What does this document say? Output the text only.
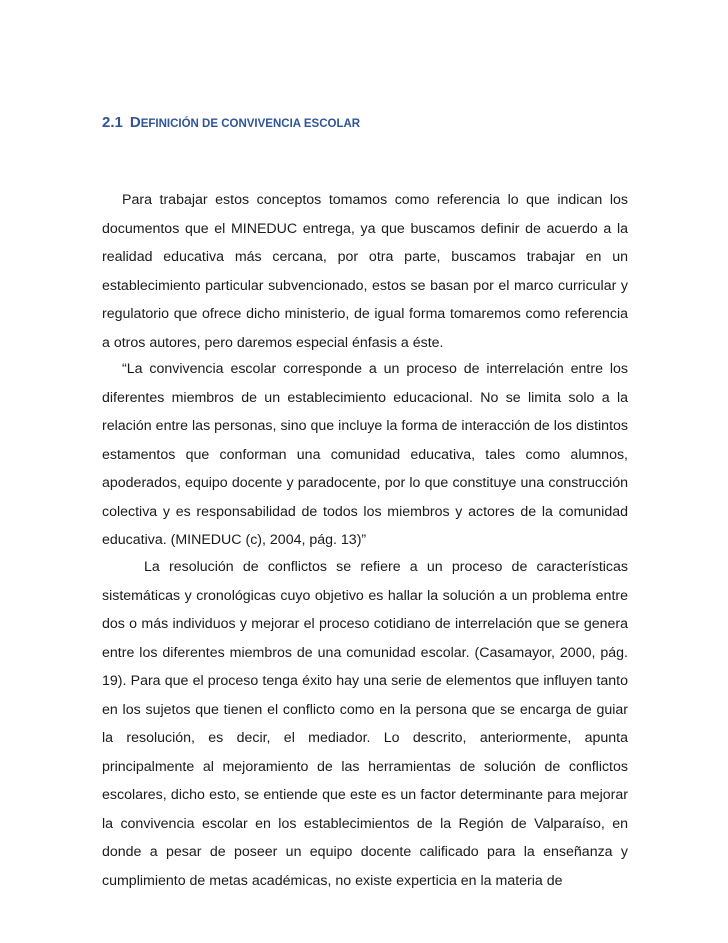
2.1 DEFINICIÓN DE CONVIVENCIA ESCOLAR

Para trabajar estos conceptos tomamos como referencia lo que indican los documentos que el MINEDUC entrega, ya que buscamos definir de acuerdo a la realidad educativa más cercana, por otra parte, buscamos trabajar en un establecimiento particular subvencionado, estos se basan por el marco curricular y regulatorio que ofrece dicho ministerio, de igual forma tomaremos como referencia a otros autores, pero daremos especial énfasis a éste.

“La convivencia escolar corresponde a un proceso de interrelación entre los diferentes miembros de un establecimiento educacional. No se limita solo a la relación entre las personas, sino que incluye la forma de interacción de los distintos estamentos que conforman una comunidad educativa, tales como alumnos, apoderados, equipo docente y paradocente, por lo que constituye una construcción colectiva y es responsabilidad de todos los miembros y actores de la comunidad educativa. (MINEDUC (c), 2004, pág. 13)”

La resolución de conflictos se refiere a un proceso de características sistemáticas y cronológicas cuyo objetivo es hallar la solución a un problema entre dos o más individuos y mejorar el proceso cotidiano de interrelación que se genera entre los diferentes miembros de una comunidad escolar. (Casamayor, 2000, pág. 19). Para que el proceso tenga éxito hay una serie de elementos que influyen tanto en los sujetos que tienen el conflicto como en la persona que se encarga de guiar la resolución, es decir, el mediador. Lo descrito, anteriormente, apunta principalmente al mejoramiento de las herramientas de solución de conflictos escolares, dicho esto, se entiende que este es un factor determinante para mejorar la convivencia escolar en los establecimientos de la Región de Valparaíso, en donde a pesar de poseer un equipo docente calificado para la enseñanza y cumplimiento de metas académicas, no existe experticia en la materia de
